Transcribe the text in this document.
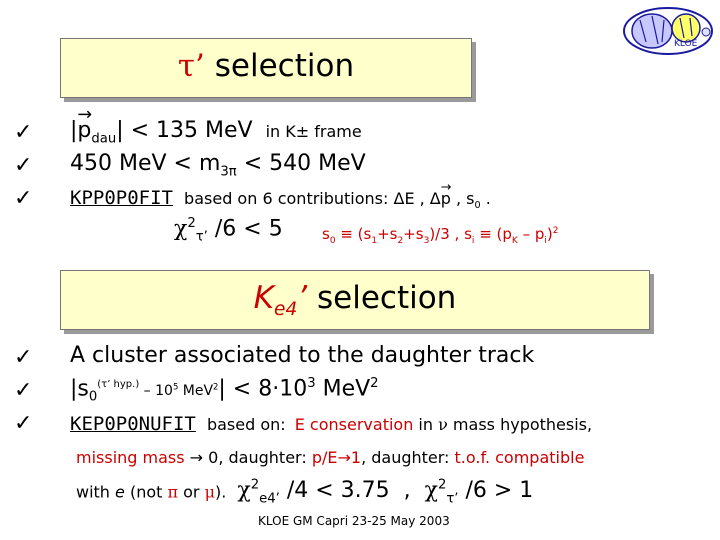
KLOE
τ’ selection
✓ |→ $p_{dau}| < 135$ MeV in K± frame
✓ 450 MeV < $m_{3\pi} < 540$ MeV
✓ KPP0P0FIT based on 6 contributions: ΔE , Δ→ p , $s_0$ .
$\chi^2_{\tau’}$ /6 < 5	$s_0 \equiv (s_1+s_2+s_3)/3$ , $s_i \equiv (p_K - p_i)^2$
$K_{e4}$’ selection
✓ A cluster associated to the daughter track
✓ $|s_0^{(\tau’ hyp.)} - 10^5$ $MeV^2| < 8\cdot 10^3$ MeV$^2$
✓ KEP0P0NUFIT based on: E conservation in ν mass hypothesis,
missing mass → 0, daughter: p/E→1, daughter: t.o.f. compatible
with e (not π or μ). $\chi^2_{e4’}$ /4 < 3.75  ,  $\chi^2_{\tau’}$ /6 > 1
KLOE GM Capri 23-25 May 2003
